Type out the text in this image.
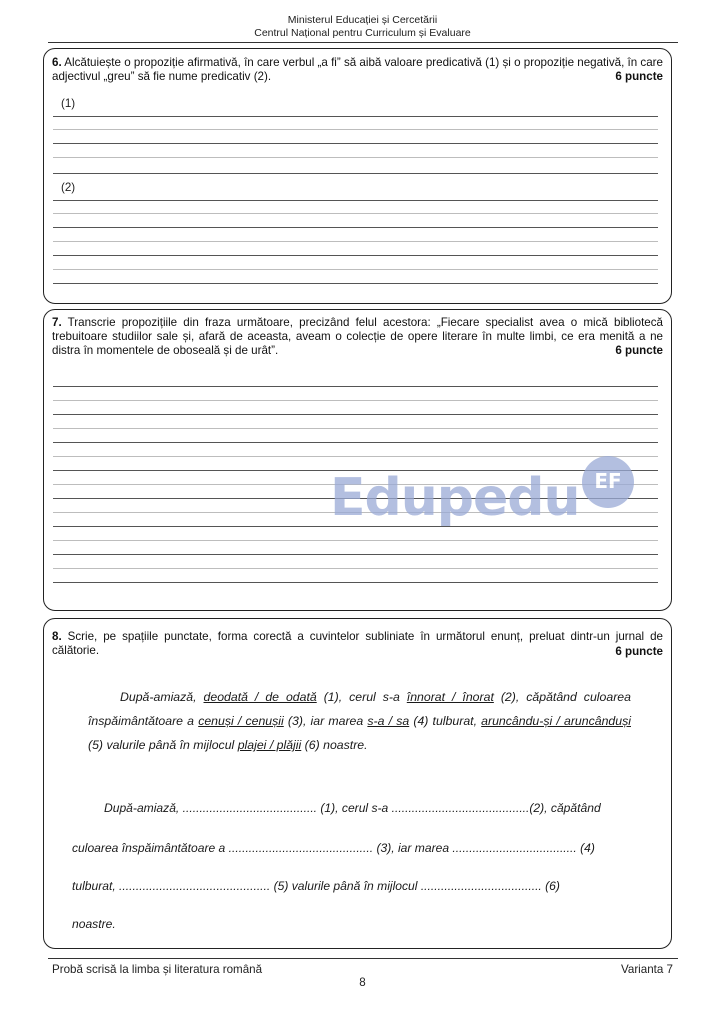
Ministerul Educației și Cercetării
Centrul Național pentru Curriculum și Evaluare
6. Alcătuiește o propoziție afirmativă, în care verbul „a fi” să aibă valoare predicativă (1) și o propoziție negativă, în care adjectivul „greu” să fie nume predicativ (2).	6 puncte
(1)
(2)
7. Transcrie propozițiile din fraza următoare, precizând felul acestora: „Fiecare specialist avea o mică bibliotecă trebuitoare studiilor sale și, afară de aceasta, aveam o colecție de opere literare în multe limbi, ce era menită a ne distra în momentele de oboseală și de urât”.	6 puncte
Edupedu EF
8. Scrie, pe spațiile punctate, forma corectă a cuvintelor subliniate în următorul enunț, preluat dintr-un jurnal de călătorie.	6 puncte
După-amiază, deodată / de odată (1), cerul s-a înnorat / înorat (2), căpătând culoarea înspăimântătoare a cenuși / cenușii (3), iar marea s-a / sa (4) tulburat, aruncându-și / aruncânduși (5) valurile până în mijlocul plajei / plăjii (6) noastre.
După-amiază, ........................................ (1), cerul s-a .........................................(2), căpătând
culoarea înspăimântătoare a ........................................... (3), iar marea ..................................... (4)
tulburat, ............................................. (5) valurile până în mijlocul .................................... (6)
noastre.
Probă scrisă la limba și literatura română	Varianta 7
8
